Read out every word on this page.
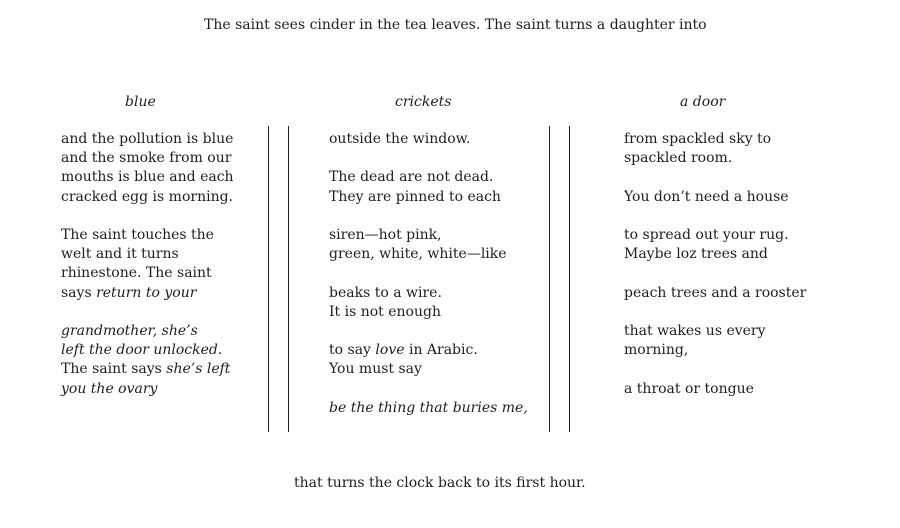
The saint sees cinder in the tea leaves. The saint turns a daughter into

blue	crickets	a door
and the pollution is blue
and the smoke from our
mouths is blue and each
cracked egg is morning.
The saint touches the
welt and it turns
rhinestone. The saint
says return to your
grandmother, she’s
left the door unlocked.
The saint says she’s left
you the ovary
outside the window.
The dead are not dead.
They are pinned to each
siren—hot pink,
green, white, white—like
beaks to a wire.
It is not enough
to say love in Arabic.
You must say
be the thing that buries me,
from spackled sky to
spackled room.
You don’t need a house
to spread out your rug.
Maybe loz trees and
peach trees and a rooster
that wakes us every
morning,
a throat or tongue

that turns the clock back to its first hour.
